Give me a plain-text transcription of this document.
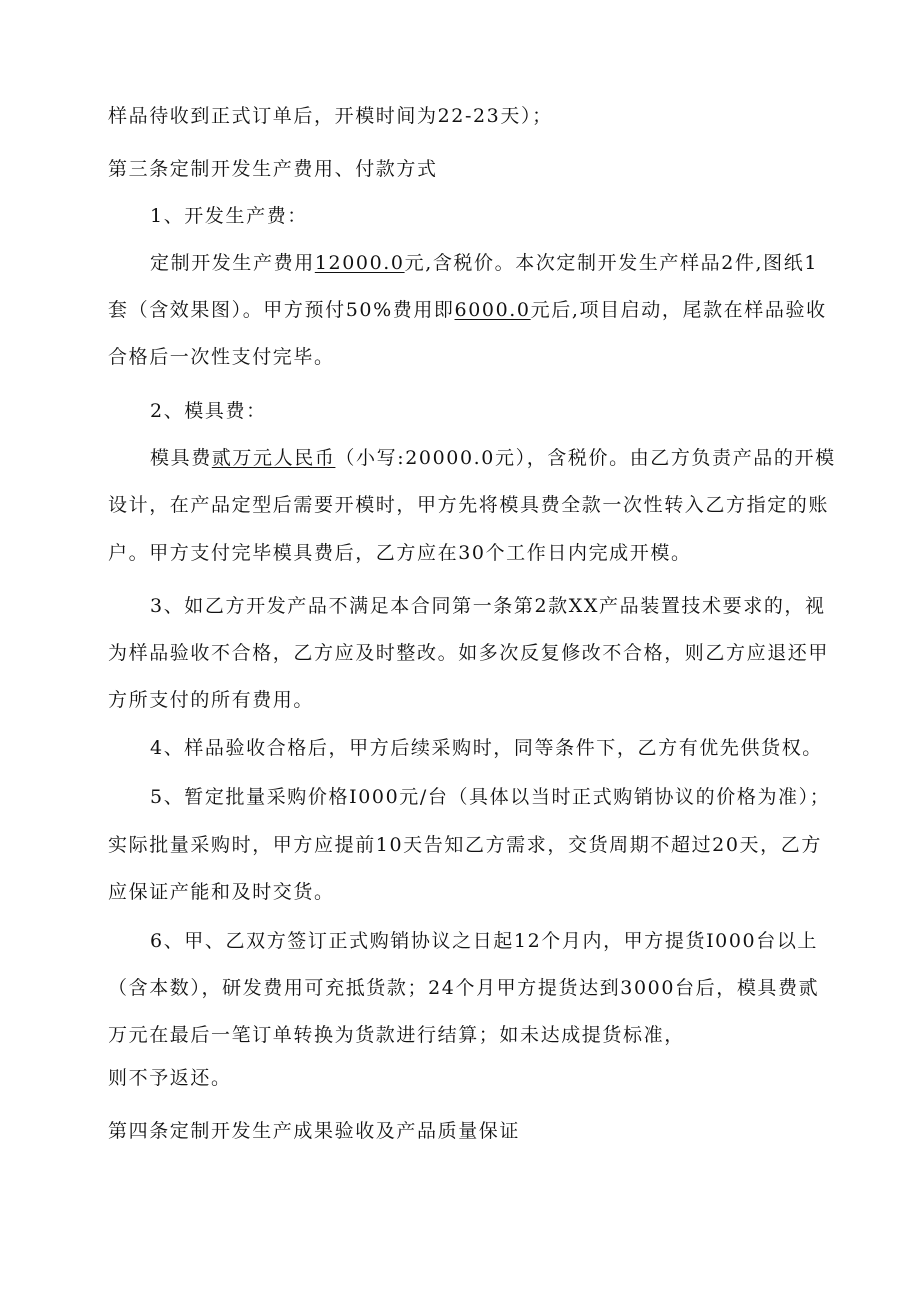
样品待收到正式订单后，开模时间为22-23天）；
第三条定制开发生产费用、付款方式
1、开发生产费：
定制开发生产费用12000.0元,含税价。本次定制开发生产样品2件,图纸1
套（含效果图）。甲方预付50%费用即6000.0元后,项目启动，尾款在样品验收
合格后一次性支付完毕。
2、模具费：
模具费贰万元人民币（小写:20000.0元），含税价。由乙方负责产品的开模
设计，在产品定型后需要开模时，甲方先将模具费全款一次性转入乙方指定的账
户。甲方支付完毕模具费后，乙方应在30个工作日内完成开模。
3、如乙方开发产品不满足本合同第一条第2款XX产品装置技术要求的，视
为样品验收不合格，乙方应及时整改。如多次反复修改不合格，则乙方应退还甲
方所支付的所有费用。
4、样品验收合格后，甲方后续采购时，同等条件下，乙方有优先供货权。
5、暂定批量采购价格I000元/台（具体以当时正式购销协议的价格为准）；
实际批量采购时，甲方应提前10天告知乙方需求，交货周期不超过20天，乙方
应保证产能和及时交货。
6、甲、乙双方签订正式购销协议之日起12个月内，甲方提货I000台以上
（含本数），研发费用可充抵货款；24个月甲方提货达到3000台后，模具费贰
万元在最后一笔订单转换为货款进行结算；如未达成提货标准，
则不予返还。
第四条定制开发生产成果验收及产品质量保证
